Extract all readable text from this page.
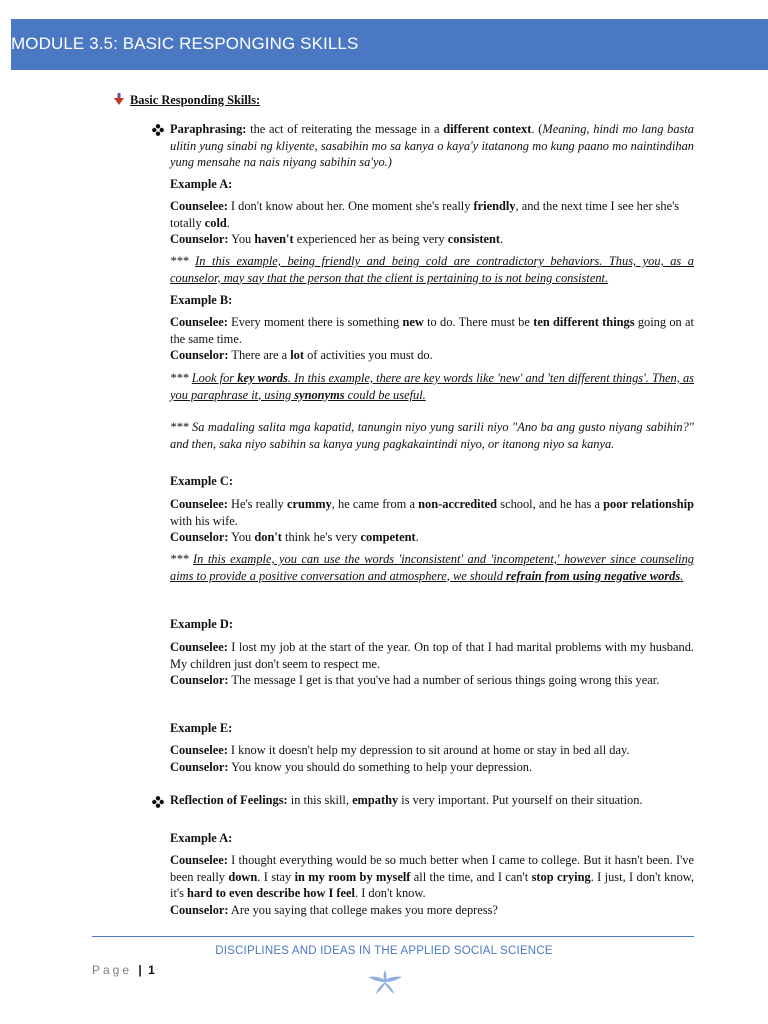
MODULE 3.5: BASIC RESPONGING SKILLS
Basic Responding Skills:
Paraphrasing: the act of reiterating the message in a different context. (Meaning, hindi mo lang basta ulitin yung sinabi ng kliyente, sasabihin mo sa kanya o kaya'y itatanong mo kung paano mo naintindihan yung mensahe na nais niyang sabihin sa'yo.)
Example A:

Counselee: I don't know about her. One moment she's really friendly, and the next time I see her she's totally cold.

Counselor: You haven't experienced her as being very consistent.

*** In this example, being friendly and being cold are contradictory behaviors. Thus, you, as a counselor, may say that the person that the client is pertaining to is not being consistent.
Example B:

Counselee: Every moment there is something new to do. There must be ten different things going on at the same time.

Counselor: There are a lot of activities you must do.

*** Look for key words. In this example, there are key words like 'new' and 'ten different things'. Then, as you paraphrase it, using synonyms could be useful.
*** Sa madaling salita mga kapatid, tanungin niyo yung sarili niyo "Ano ba ang gusto niyang sabihin?" and then, saka niyo sabihin sa kanya yung pagkakaintindi niyo, or itanong niyo sa kanya.
Example C:

Counselee: He's really crummy, he came from a non-accredited school, and he has a poor relationship with his wife.

Counselor: You don't think he's very competent.

*** In this example, you can use the words 'inconsistent' and 'incompetent,' however since counseling aims to provide a positive conversation and atmosphere, we should refrain from using negative words.
Example D:

Counselee: I lost my job at the start of the year. On top of that I had marital problems with my husband. My children just don't seem to respect me.

Counselor: The message I get is that you've had a number of serious things going wrong this year.

Example E:

Counselee: I know it doesn't help my depression to sit around at home or stay in bed all day.

Counselor: You know you should do something to help your depression.

Reflection of Feelings: in this skill, empathy is very important. Put yourself on their situation.
Example A:

Counselee: I thought everything would be so much better when I came to college. But it hasn't been. I've been really down. I stay in my room by myself all the time, and I can't stop crying. I just, I don't know, it's hard to even describe how I feel. I don't know.

Counselor: Are you saying that college makes you more depress?

DISCIPLINES AND IDEAS IN THE APPLIED SOCIAL SCIENCE
Page | 1
